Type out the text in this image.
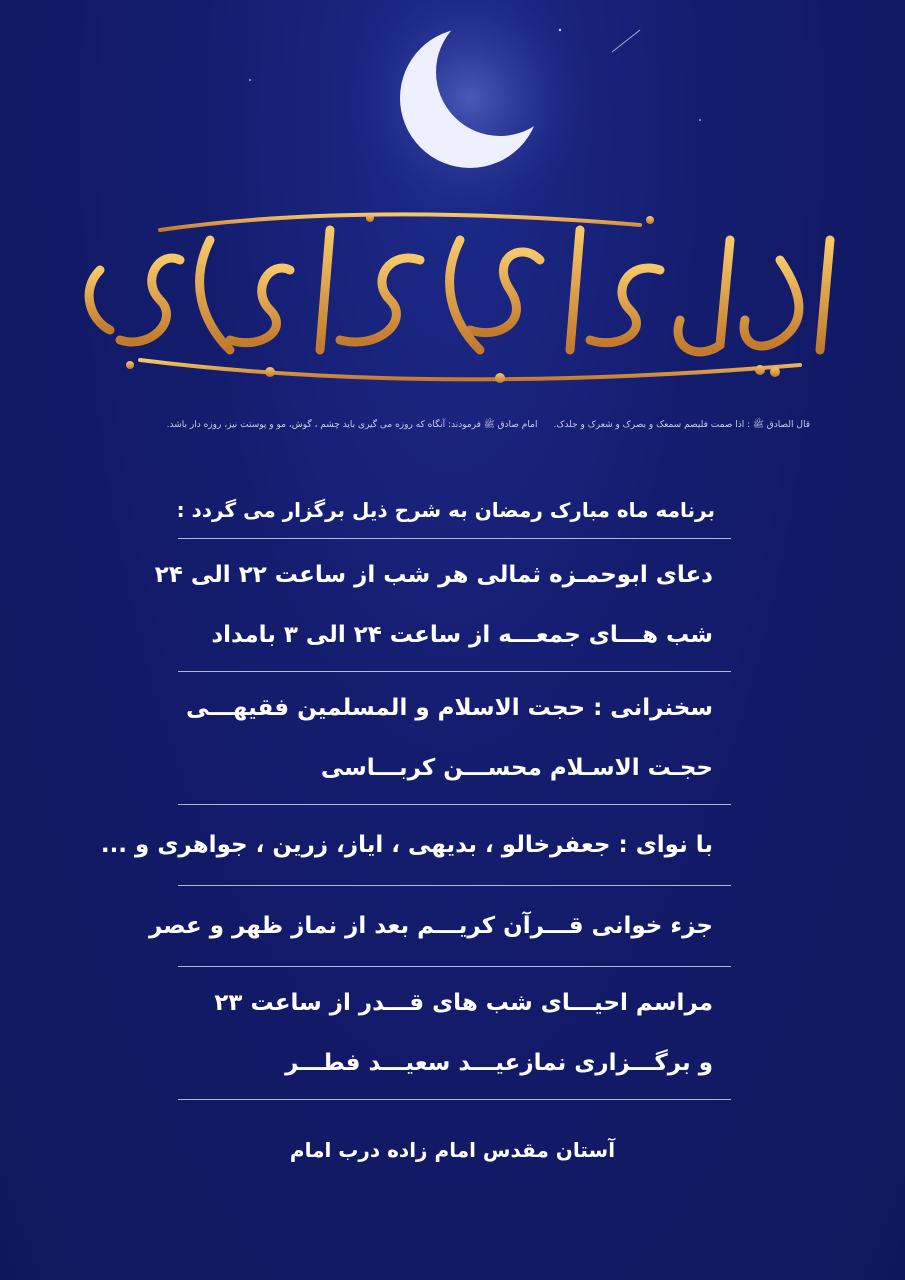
قال الصادق ﷺ : اذا صمت فلیصم سمعک و بصرک و شعرک و جلدک.
امام صادق ﷺ فرمودند: آنگاه که روزه می گیری باید چشم ، گوش، مو و پوستت نیز، روزه دار باشد.
برنامه ماه مبارک رمضان به شرح ذیل برگزار می گردد :
دعای ابوحمـزه ثمالی هر شب از ساعت ۲۲ الی ۲۴
شب هـــای جمعـــه از ساعت ۲۴ الی ۳ بامداد
سخنرانی : حجت الاسلام و المسلمین فقیهـــی
حجـت الاسـلام محســـن کربـــاسی
با نوای : جعفرخالو ، بدیهی ، ایاز، زرین ، جواهری و ...
جزء خوانی قـــرآن کریـــم بعد از نماز ظهر و عصر
مراسم احیـــای شب های قـــدر از ساعت ۲۳
و برگـــزاری نمازعیـــد سعیـــد فطـــر
آستان مقدس امام زاده درب امام
